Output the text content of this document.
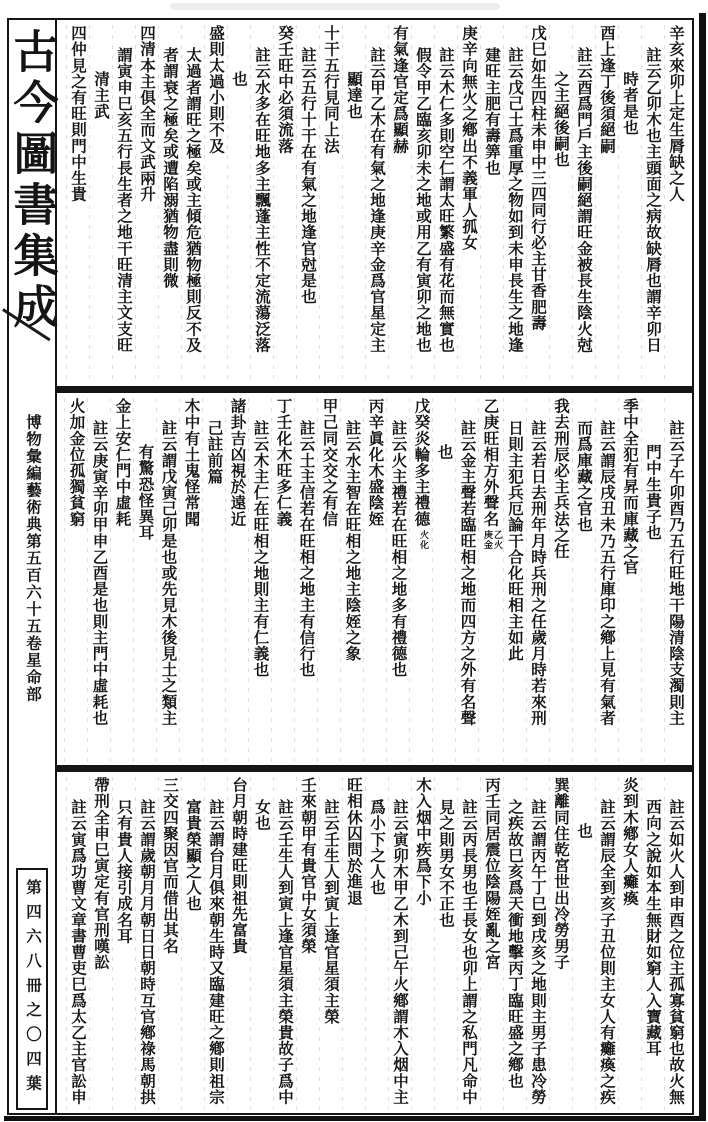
古今圖書集成
博物彙編藝術典第五百六十五卷星命部
第四六八冊之〇四葉
辛亥來卯上定生脣缺之人
註云乙卯木也主頭面之病故缺脣也謂辛卯日
時者是也
酉上逢丁後須絕嗣
註云酉爲門戶主後嗣絕謂旺金被長生陰火尅
之主絕後嗣也
戊巳如生四柱未申中三四同行必主甘香肥壽
註云戊己土爲重厚之物如到未申長生之地逢
建旺主肥有壽筭也
庚辛向無火之鄕出不義軍人孤女
註云木仁多則空仁謂太旺繁盛有花而無實也
假令甲乙臨亥卯未之地或用乙有寅卯之地也
有氣逢官定爲顯赫
註云甲乙木在有氣之地逢庚辛金爲官星定主
顯達也
十干五行見同上法
註云五行十干在有氣之地逢官尅是也
癸壬旺中必須流落
註云水多在旺地多主飄蓬主性不定流蕩泛落
也
盛則太過小則不及
太過者謂旺之極矣或主傾危猶物極則反不及
者謂衰之極矣或遭陷溺猶物盡則微
四清本主俱全而文武兩升
謂寅申巳亥五行長生者之地干旺清主文支旺
清主武
四仲見之有旺則門中生貴
註云子午卯酉乃五行旺地干陽清陰支濁則主
門中生貴子也
季中全犯有昇而庫藏之官
註云謂辰戌丑未乃五行庫印之鄕上見有氣者
而爲庫藏之官也
我去刑辰必主兵法之任
註云若日去刑年月時兵刑之任歲月時若來刑
日則主犯兵厄論干合化旺相主如此
乙庚旺相方外聲名乙火庚金
註云金主聲若臨旺相之地而四方之外有名聲
也
戊癸炎輪多主禮德火化
註云火主禮若在旺相之地多有禮德也
丙辛眞化木盛陰姪
註云水主智在旺相之地主陰姪之象
甲己同交交之有信
註云土主信若在旺相之地主有信行也
丁壬化木旺多仁義
註云木主仁在旺相之地則主有仁義也
諸卦吉凶視於遠近
己註前篇
木中有土鬼怪常聞
註云謂戊寅己卯是也或先見木後見土之類主
有驚恐怪異耳
金上安仁門中虛耗
註云庚寅辛卯甲申乙酉是也則主門中虛耗也
火加金位孤獨貧窮
註云如火人到申酉之位主孤寡貧窮也故火無
西向之說如本生無財如窮人入寶藏耳
炎到木鄕女人癱瘓
註云謂辰全到亥子丑位則主女人有癱瘓之疾
也
巽離同住乾宮世出冷勞男子
註云謂丙午丁巳到戌亥之地則主男子患冷勞
之疾故巳亥爲天衝地擊丙丁臨旺盛之鄕也
丙壬同居震位陰陽姪亂之宮
註云丙長男也壬長女也卯上謂之私門凡命中
見之則男女不正也
木入烟中疾爲下小
註云寅卯木甲乙木到己午火鄕謂木入烟中主
爲小下之人也
旺相休囚問於進退
註云壬生人到寅上逢官星須主榮
壬來朝甲有貴官中女須榮
註云壬生人到寅上逢官星須主榮貴故子爲中
女也
台月朝時建旺則祖先富貴
註云謂台月俱來朝生時又臨建旺之鄕則祖宗
富貴榮顯之人也
三交四聚因官而借出其名
註云謂歲朝月月朝日日朝時互官鄕祿馬朝拱
只有貴人接引成名耳
帶刑全申巳寅定有官刑嘆訟
註云寅爲功曹文章書曹吏巳爲太乙主官訟申
